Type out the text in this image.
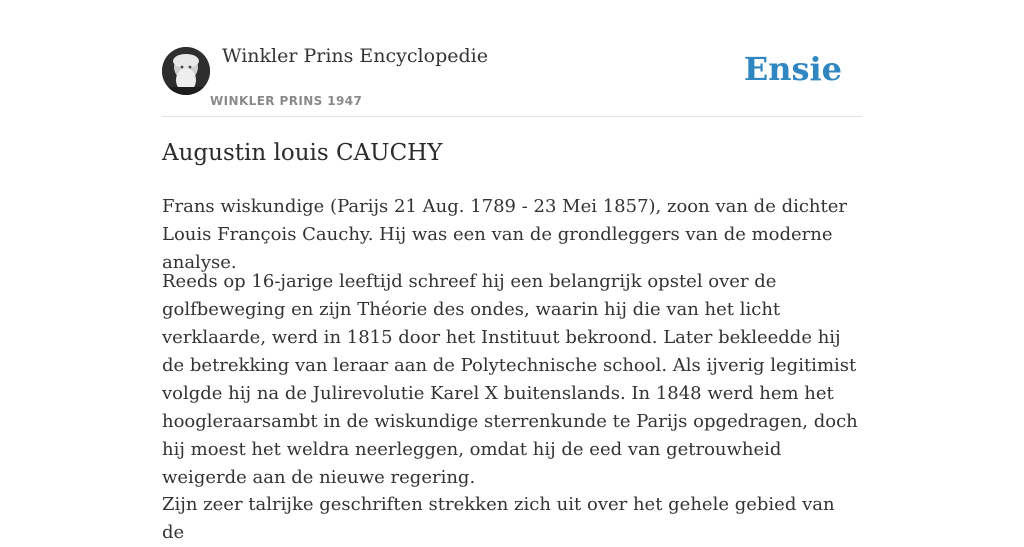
Winkler Prins Encyclopedie
WINKLER PRINS 1947
Ensie
Augustin louis CAUCHY

Frans wiskundige (Parijs 21 Aug. 1789 - 23 Mei 1857), zoon van de dichter Louis François Cauchy. Hij was een van de grondleggers van de moderne analyse.

Reeds op 16-jarige leeftijd schreef hij een belangrijk opstel over de golfbeweging en zijn Théorie des ondes, waarin hij die van het licht verklaarde, werd in 1815 door het Instituut bekroond. Later bekleedde hij de betrekking van leraar aan de Polytechnische school. Als ijverig legitimist volgde hij na de Julirevolutie Karel X buitenslands. In 1848 werd hem het hoogleraarsambt in de wiskundige sterrenkunde te Parijs opgedragen, doch hij moest het weldra neerleggen, omdat hij de eed van getrouwheid weigerde aan de nieuwe regering.

Zijn zeer talrijke geschriften strekken zich uit over het gehele gebied van de
